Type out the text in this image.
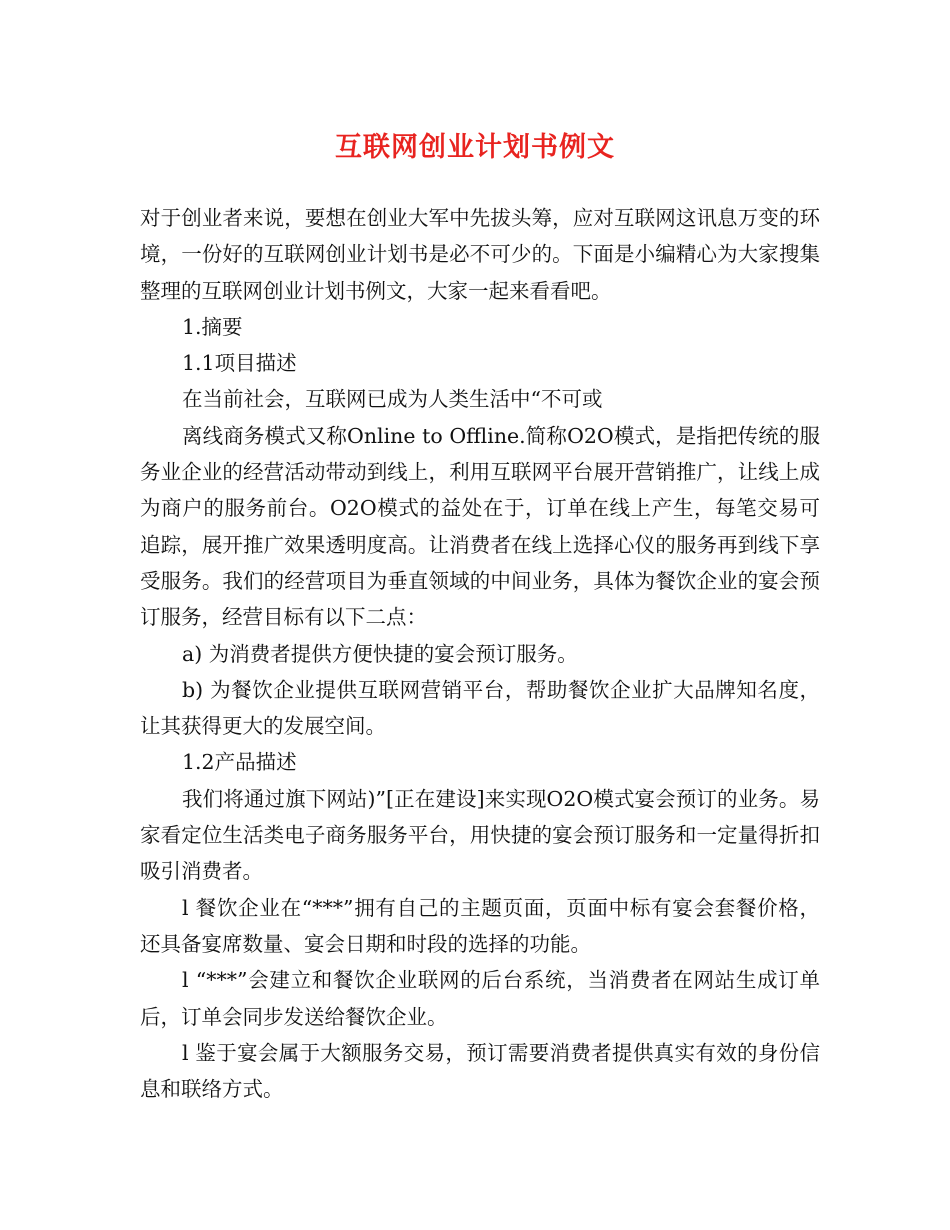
互联网创业计划书例文

对于创业者来说，要想在创业大军中先拔头筹，应对互联网这讯息万变的环境，一份好的互联网创业计划书是必不可少的。下面是小编精心为大家搜集整理的互联网创业计划书例文，大家一起来看看吧。

1.摘要

1.1项目描述

在当前社会，互联网已成为人类生活中“不可或

离线商务模式又称Online to Offline.简称O2O模式，是指把传统的服务业企业的经营活动带动到线上，利用互联网平台展开营销推广，让线上成为商户的服务前台。O2O模式的益处在于，订单在线上产生，每笔交易可追踪，展开推广效果透明度高。让消费者在线上选择心仪的服务再到线下享受服务。我们的经营项目为垂直领域的中间业务，具体为餐饮企业的宴会预订服务，经营目标有以下二点：

a) 为消费者提供方便快捷的宴会预订服务。

b) 为餐饮企业提供互联网营销平台，帮助餐饮企业扩大品牌知名度，让其获得更大的发展空间。

1.2产品描述

我们将通过旗下网站)”[正在建设]来实现O2O模式宴会预订的业务。易家看定位生活类电子商务服务平台，用快捷的宴会预订服务和一定量得折扣吸引消费者。

l 餐饮企业在“***”拥有自己的主题页面，页面中标有宴会套餐价格，还具备宴席数量、宴会日期和时段的选择的功能。

l “***”会建立和餐饮企业联网的后台系统，当消费者在网站生成订单后，订单会同步发送给餐饮企业。

l 鉴于宴会属于大额服务交易，预订需要消费者提供真实有效的身份信息和联络方式。
